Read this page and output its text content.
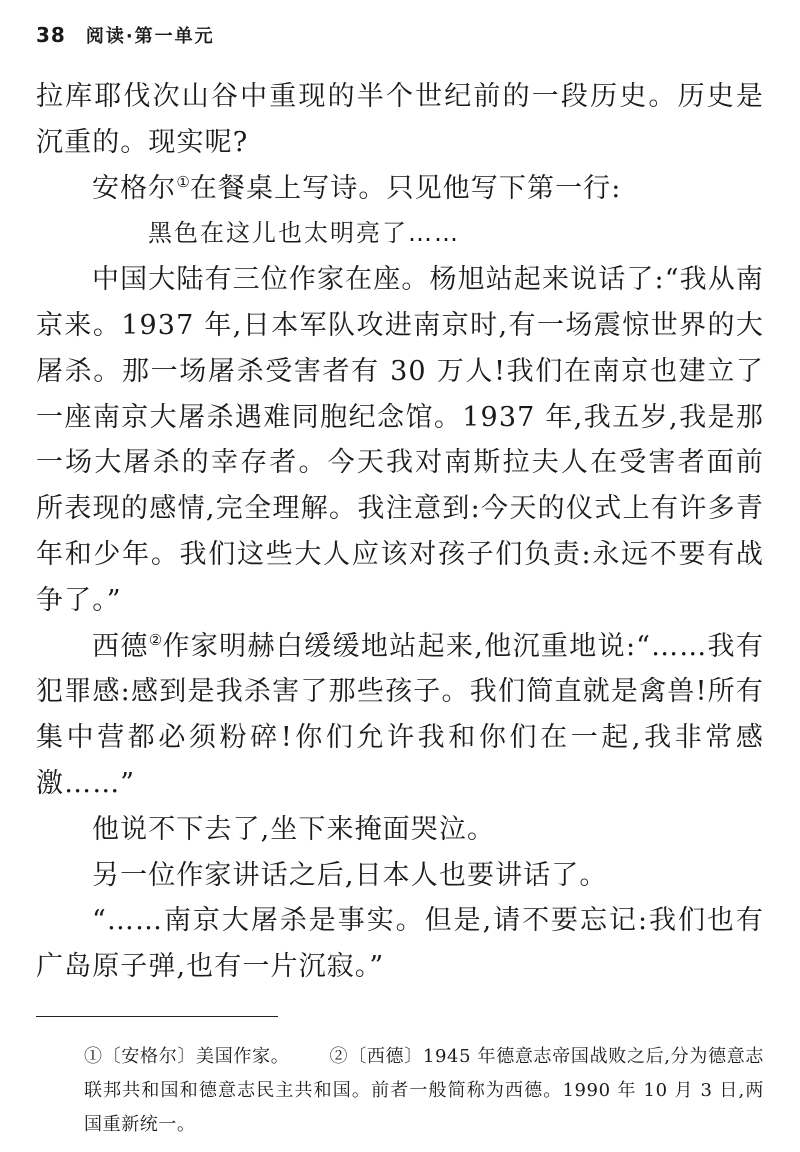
38 阅读·第一单元

拉库耶伐次山谷中重现的半个世纪前的一段历史。历史是沉重的。现实呢?

安格尔①在餐桌上写诗。只见他写下第一行:

黑色在这儿也太明亮了……

中国大陆有三位作家在座。杨旭站起来说话了:“我从南京来。1937 年,日本军队攻进南京时,有一场震惊世界的大屠杀。那一场屠杀受害者有 30 万人!我们在南京也建立了一座南京大屠杀遇难同胞纪念馆。1937 年,我五岁,我是那一场大屠杀的幸存者。今天我对南斯拉夫人在受害者面前所表现的感情,完全理解。我注意到:今天的仪式上有许多青年和少年。我们这些大人应该对孩子们负责:永远不要有战争了。”

西德②作家明赫白缓缓地站起来,他沉重地说:“……我有犯罪感:感到是我杀害了那些孩子。我们简直就是禽兽!所有集中营都必须粉碎!你们允许我和你们在一起,我非常感激……”

他说不下去了,坐下来掩面哭泣。

另一位作家讲话之后,日本人也要讲话了。

“……南京大屠杀是事实。但是,请不要忘记:我们也有广岛原子弹,也有一片沉寂。”

①〔安格尔〕美国作家。 ②〔西德〕1945 年德意志帝国战败之后,分为德意志联邦共和国和德意志民主共和国。前者一般简称为西德。1990 年 10 月 3 日,两国重新统一。
